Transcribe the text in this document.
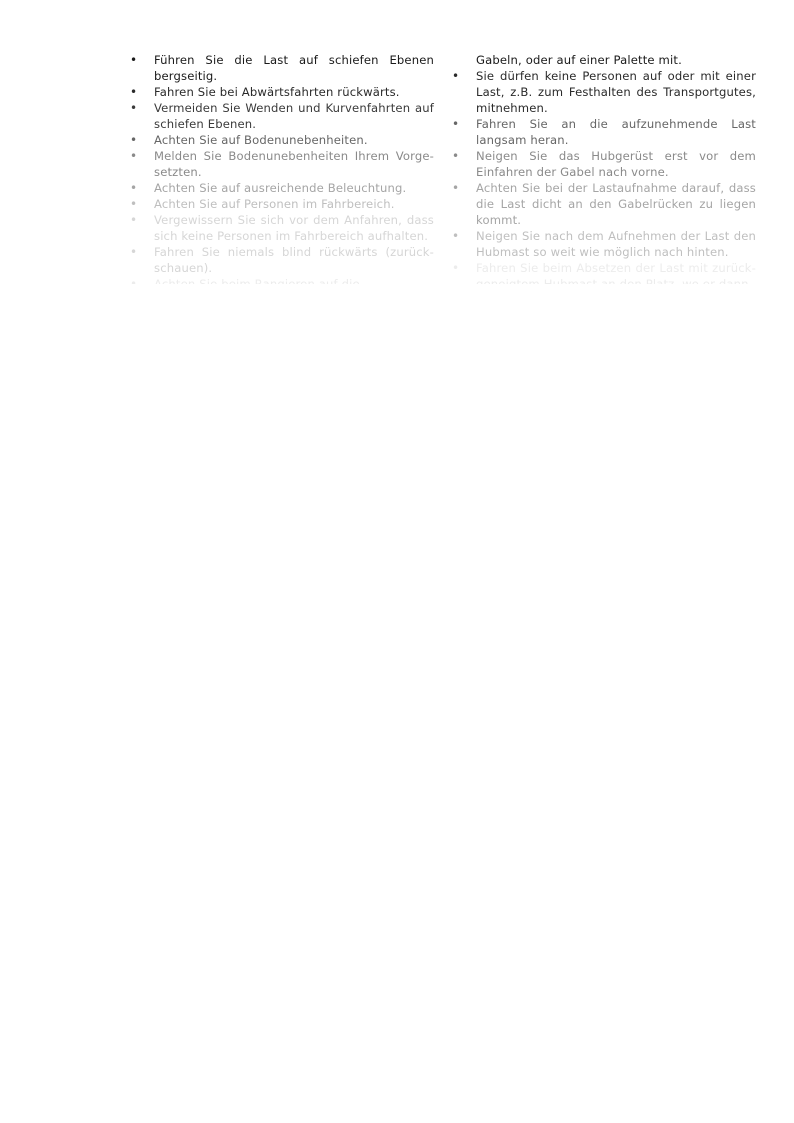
• Führen Sie die Last auf schiefen Ebenen bergseitig.
• Fahren Sie bei Abwärtsfahrten rückwärts.
• Vermeiden Sie Wenden und Kurvenfahrten auf schiefen Ebenen.
• Achten Sie auf Bodenunebenheiten.
• Melden Sie Bodenunebenheiten Ihrem Vorge-setzten.
• Achten Sie auf ausreichende Beleuchtung.
• Achten Sie auf Personen im Fahrbereich.
• Vergewissern Sie sich vor dem Anfahren, dass sich keine Personen im Fahrbereich aufhalten.
• Fahren Sie niemals blind rückwärts (zurück-schauen).
•
Gabeln, oder auf einer Palette mit.
• Sie dürfen keine Personen auf oder mit einer Last, z.B. zum Festhalten des Transportgutes, mitnehmen.
• Fahren Sie an die aufzunehmende Last langsam heran.
• Neigen Sie das Hubgerüst erst vor dem Einfahren der Gabel nach vorne.
• Achten Sie bei der Lastaufnahme darauf, dass die Last dicht an den Gabelrücken zu liegen kommt.
• Neigen Sie nach dem Aufnehmen der Last den Hubmast so weit wie möglich nach hinten.
• Fahren Sie beim Absetzen der Last mit zurück-
